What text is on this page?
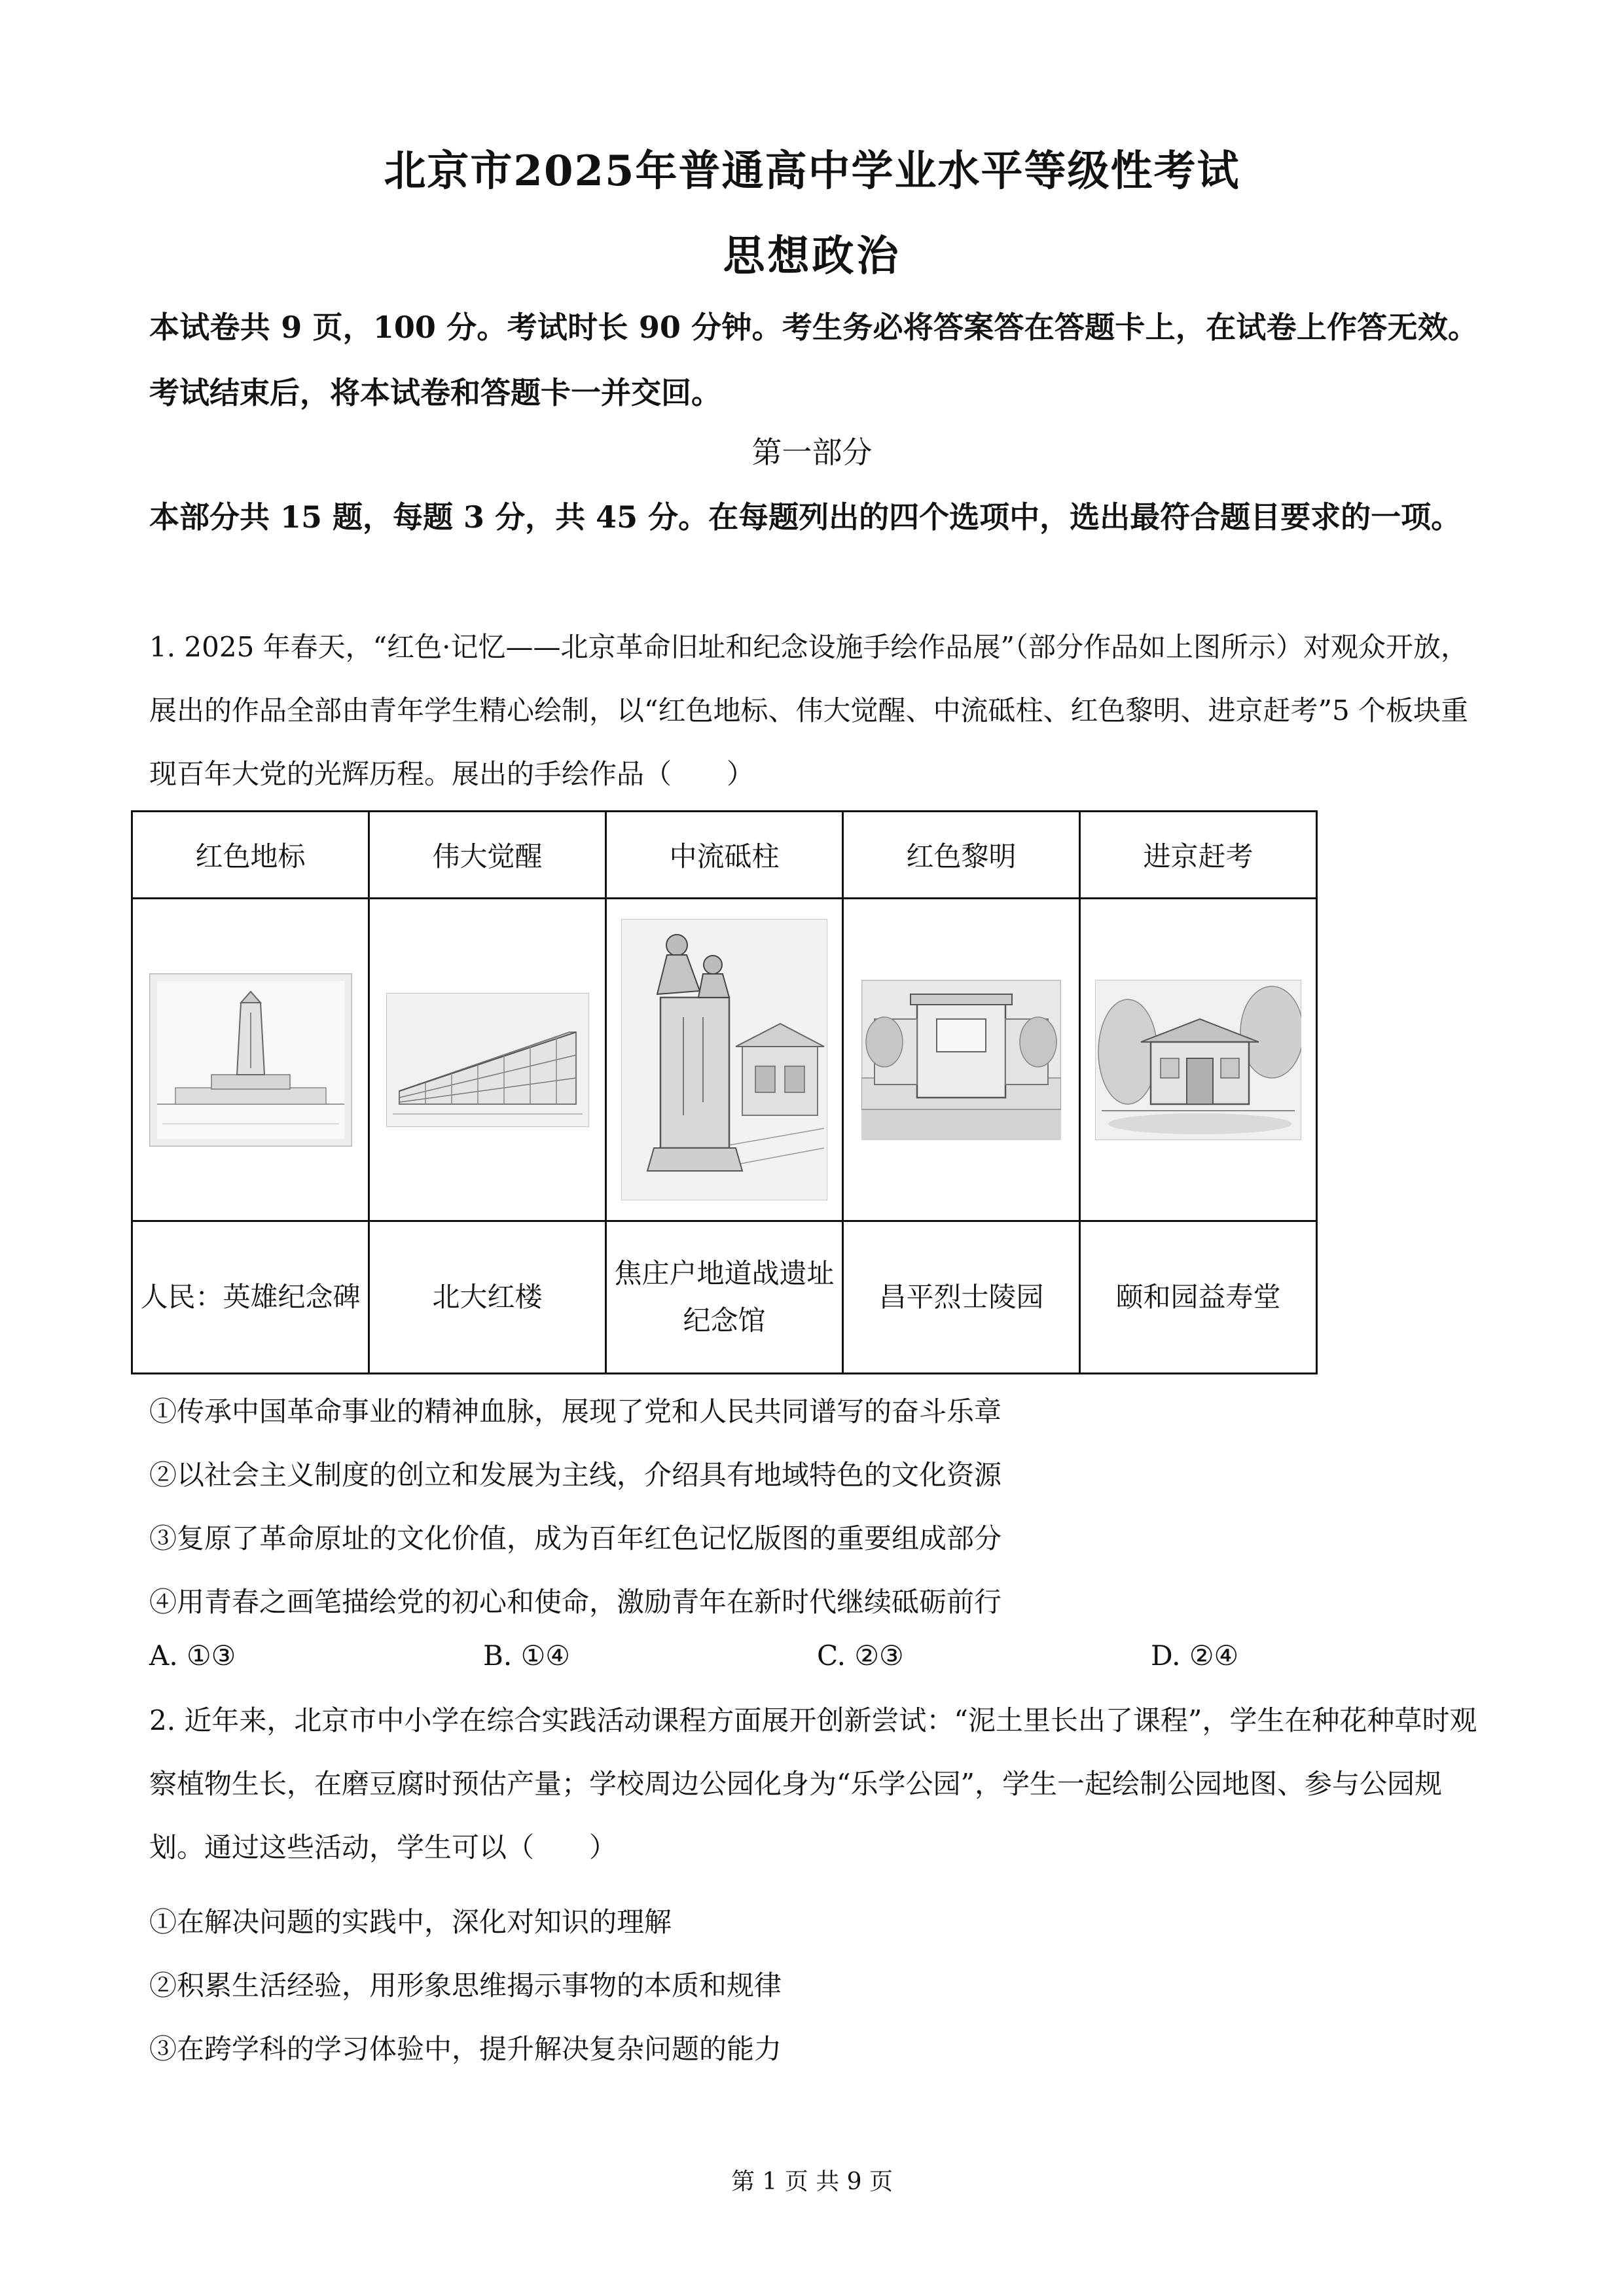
北京市2025年普通高中学业水平等级性考试
思想政治

本试卷共 9 页，100 分。考试时长 90 分钟。考生务必将答案答在答题卡上，在试卷上作答无效。考试结束后，将本试卷和答题卡一并交回。

第一部分

本部分共 15 题，每题 3 分，共 45 分。在每题列出的四个选项中，选出最符合题目要求的一项。

1. 2025 年春天，“红色·记忆——北京革命旧址和纪念设施手绘作品展”（部分作品如上图所示）对观众开放，展出的作品全部由青年学生精心绘制，以“红色地标、伟大觉醒、中流砥柱、红色黎明、进京赶考”5 个板块重现百年大党的光辉历程。展出的手绘作品（　　）

红色地标	伟大觉醒	中流砥柱	红色黎明	进京赶考

人民：英雄纪念碑	北大红楼	焦庄户地道战遗址纪念馆	昌平烈士陵园	颐和园益寿堂

①传承中国革命事业的精神血脉，展现了党和人民共同谱写的奋斗乐章

②以社会主义制度的创立和发展为主线，介绍具有地域特色的文化资源

③复原了革命原址的文化价值，成为百年红色记忆版图的重要组成部分

④用青春之画笔描绘党的初心和使命，激励青年在新时代继续砥砺前行

A. ①③	B. ①④	C. ②③	D. ②④

2. 近年来，北京市中小学在综合实践活动课程方面展开创新尝试：“泥土里长出了课程”，学生在种花种草时观察植物生长，在磨豆腐时预估产量；学校周边公园化身为“乐学公园”，学生一起绘制公园地图、参与公园规划。通过这些活动，学生可以（　　）

①在解决问题的实践中，深化对知识的理解

②积累生活经验，用形象思维揭示事物的本质和规律

③在跨学科的学习体验中，提升解决复杂问题的能力

第 1 页 共 9 页
